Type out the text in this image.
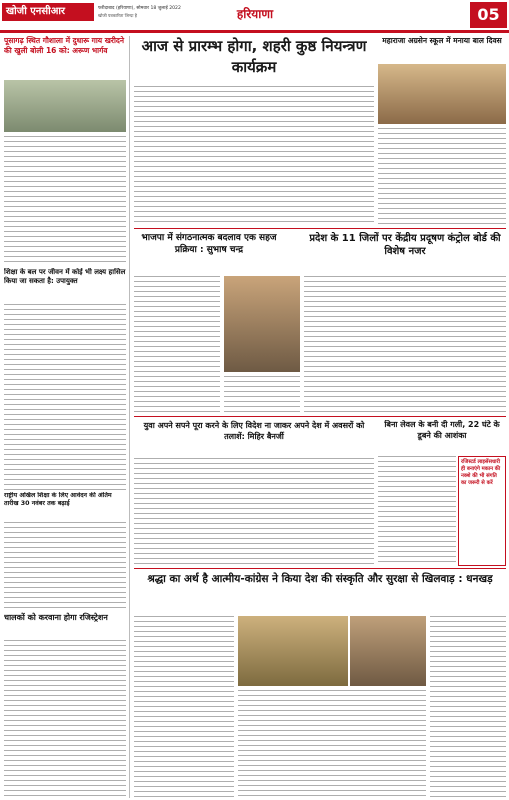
खोजी एनसीआर	फरीदाबाद (हरियाणा), सोमवार 18 जुलाई 2022
खोजी पत्रकारिता जिन्दा है	हरियाणा	05
पूसागढ़ स्थित गौशाला में दुधारू गाय खरीदने की खुली बोली 16 को: अरूण भार्गव
शिक्षा के बल पर जीवन में कोई भी लक्ष्य हासिल किया जा सकता है: उपायुक्त
राष्ट्रीय अखिल शिक्षा के लिए आवेदन की अंतिम तारीख 30 नवंबर तक बढ़ाई
चालकों को करवाना होगा रजिस्ट्रेशन
आज से प्रारम्भ होगा, शहरी कुष्ठ नियन्त्रण कार्यक्रम
महाराजा अग्रसेन स्कूल में मनाया बाल दिवस
भाजपा में संगठनात्मक बदलाव एक सहज प्रक्रिया : सुभाष चन्द्र
प्रदेश के 11 जिलों पर केंद्रीय प्रदूषण कंट्रोल बोर्ड की विशेष नजर
युवा अपने सपने पूरा करने के लिए विदेश ना जाकर अपने देश में अवसरों को तलाशें: मिहिर बैनर्जी
बिना लेवल के बनी दी गली, 22 घंटे के डूबने की आशंका
रजिस्टर्ड लाइसेंसधारी ही बनाएंगे मकान की नक्शे की भी संगति का जरूरी से करें
श्रद्धा का अर्थ है आत्मीय-कांग्रेस ने किया देश की संस्कृति और सुरक्षा से खिलवाड़ : धनखड़
